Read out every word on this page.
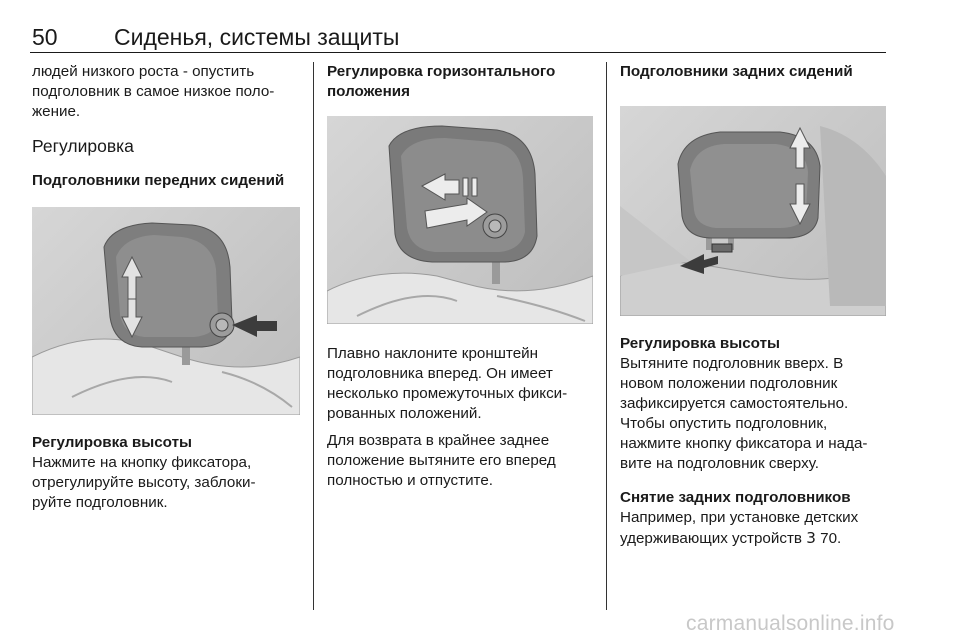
50 Сиденья, системы защиты

людей низкого роста - опустить

подголовник в самое низкое поло-

жение.

Регулировка

Подголовники передних сидений

Регулировка высоты

Нажмите на кнопку фиксатора,

отрегулируйте высоту, заблоки-

руйте подголовник.

Регулировка горизонтального

положения

Плавно наклоните кронштейн

подголовника вперед. Он имеет

несколько промежуточных фикси-

рованных положений.

Для возврата в крайнее заднее

положение вытяните его вперед

полностью и отпустите.

Подголовники задних сидений

Регулировка высоты

Вытяните подголовник вверх. В

новом положении подголовник

зафиксируется самостоятельно.

Чтобы опустить подголовник,

нажмите кнопку фиксатора и нада-

вите на подголовник сверху.

Снятие задних подголовников

Например, при установке детских

удерживающих устройств 3 70.

carmanualsonline.info
